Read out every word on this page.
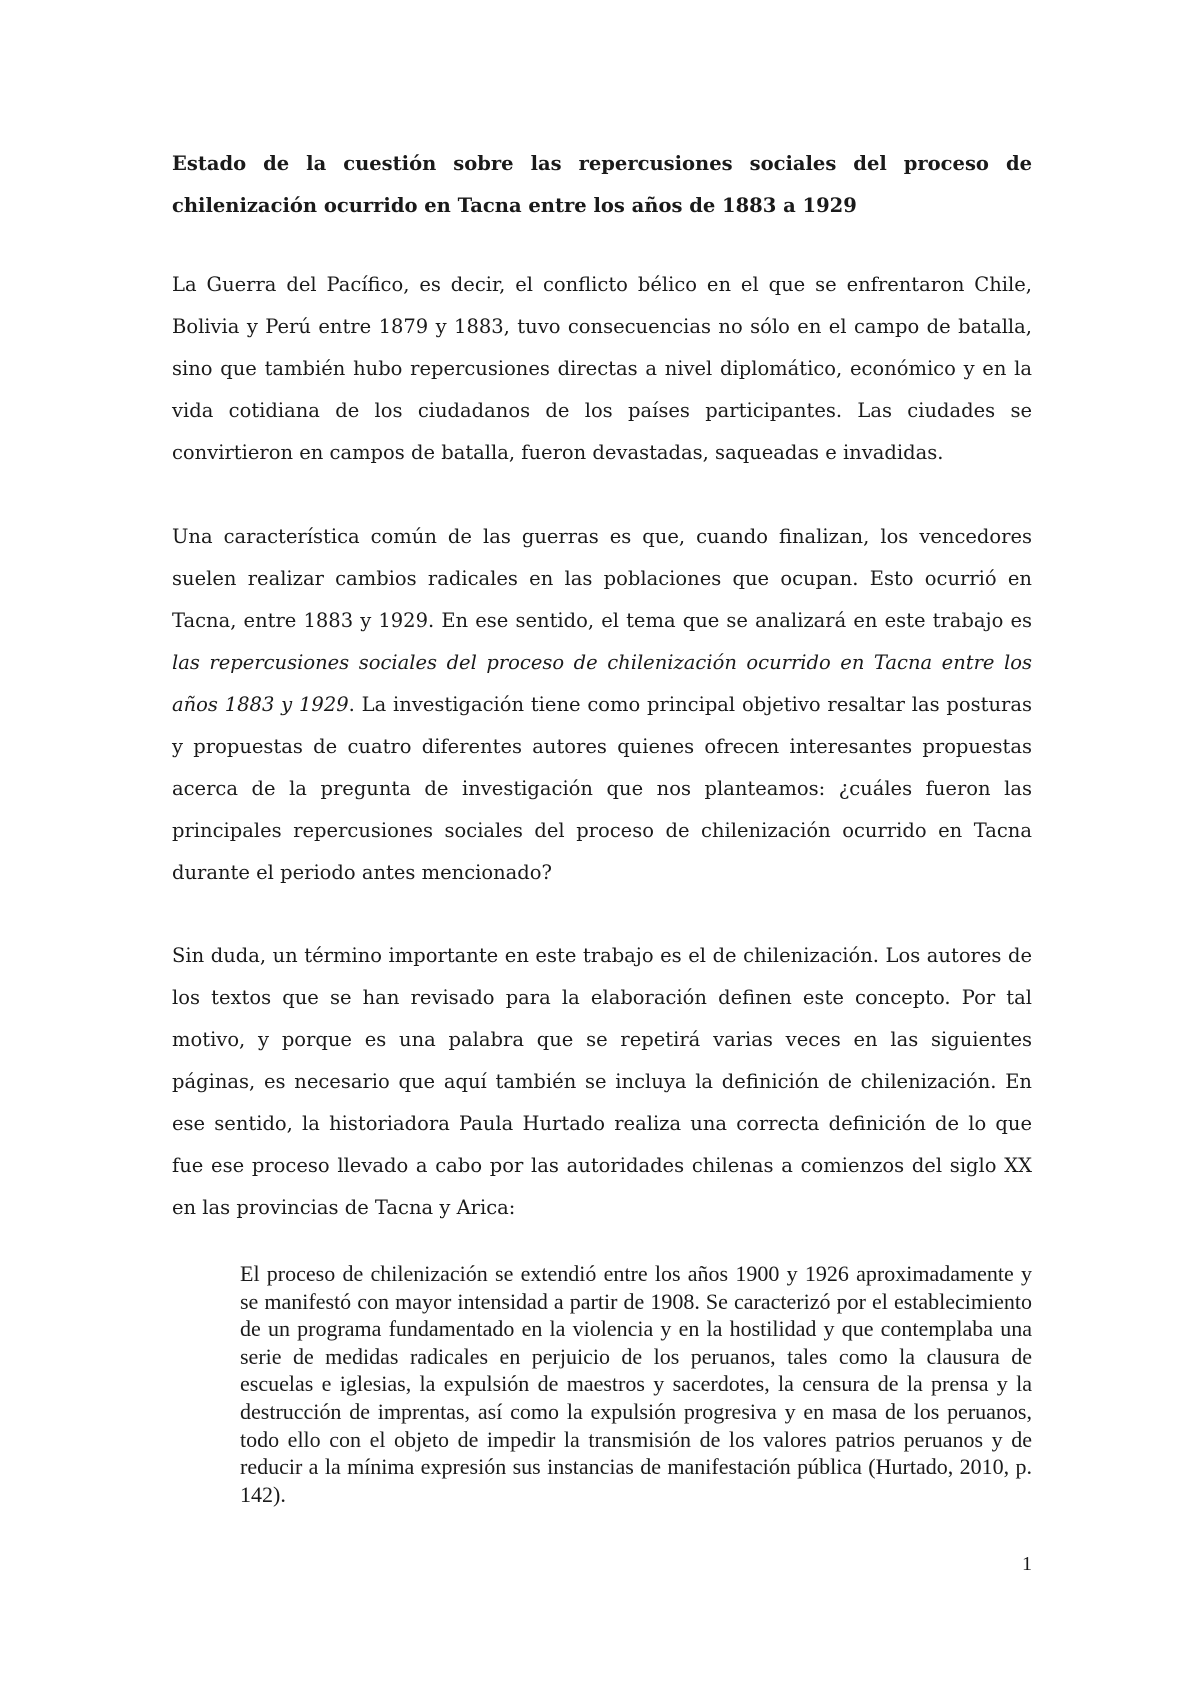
Estado de la cuestión sobre las repercusiones sociales del proceso de chilenización ocurrido en Tacna entre los años de 1883 a 1929

La Guerra del Pacífico, es decir, el conflicto bélico en el que se enfrentaron Chile, Bolivia y Perú entre 1879 y 1883, tuvo consecuencias no sólo en el campo de batalla, sino que también hubo repercusiones directas a nivel diplomático, económico y en la vida cotidiana de los ciudadanos de los países participantes. Las ciudades se convirtieron en campos de batalla, fueron devastadas, saqueadas e invadidas.

Una característica común de las guerras es que, cuando finalizan, los vencedores suelen realizar cambios radicales en las poblaciones que ocupan. Esto ocurrió en Tacna, entre 1883 y 1929. En ese sentido, el tema que se analizará en este trabajo es las repercusiones sociales del proceso de chilenización ocurrido en Tacna entre los años 1883 y 1929. La investigación tiene como principal objetivo resaltar las posturas y propuestas de cuatro diferentes autores quienes ofrecen interesantes propuestas acerca de la pregunta de investigación que nos planteamos: ¿cuáles fueron las principales repercusiones sociales del proceso de chilenización ocurrido en Tacna durante el periodo antes mencionado?

Sin duda, un término importante en este trabajo es el de chilenización. Los autores de los textos que se han revisado para la elaboración definen este concepto. Por tal motivo, y porque es una palabra que se repetirá varias veces en las siguientes páginas, es necesario que aquí también se incluya la definición de chilenización. En ese sentido, la historiadora Paula Hurtado realiza una correcta definición de lo que fue ese proceso llevado a cabo por las autoridades chilenas a comienzos del siglo XX en las provincias de Tacna y Arica:

El proceso de chilenización se extendió entre los años 1900 y 1926 aproximadamente y se manifestó con mayor intensidad a partir de 1908. Se caracterizó por el establecimiento de un programa fundamentado en la violencia y en la hostilidad y que contemplaba una serie de medidas radicales en perjuicio de los peruanos, tales como la clausura de escuelas e iglesias, la expulsión de maestros y sacerdotes, la censura de la prensa y la destrucción de imprentas, así como la expulsión progresiva y en masa de los peruanos, todo ello con el objeto de impedir la transmisión de los valores patrios peruanos y de reducir a la mínima expresión sus instancias de manifestación pública (Hurtado, 2010, p. 142).

1
